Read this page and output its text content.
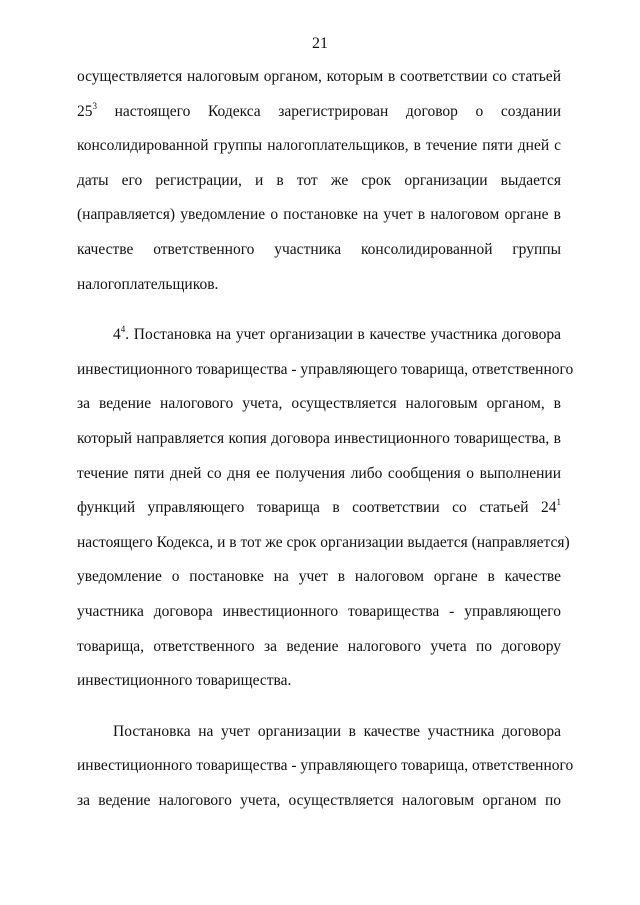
21
осуществляется налоговым органом, которым в соответствии со статьей
$25^3$ настоящего Кодекса зарегистрирован договор о создании
консолидированной группы налогоплательщиков, в течение пяти дней с
даты его регистрации, и в тот же срок организации выдается
(направляется) уведомление о постановке на учет в налоговом органе в
качестве ответственного участника консолидированной группы
налогоплательщиков.
$4^4$. Постановка на учет организации в качестве участника договора
инвестиционного товарищества - управляющего товарища, ответственного
за ведение налогового учета, осуществляется налоговым органом, в
который направляется копия договора инвестиционного товарищества, в
течение пяти дней со дня ее получения либо сообщения о выполнении
функций управляющего товарища в соответствии со статьей $24^1$
настоящего Кодекса, и в тот же срок организации выдается (направляется)
уведомление о постановке на учет в налоговом органе в качестве
участника договора инвестиционного товарищества - управляющего
товарища, ответственного за ведение налогового учета по договору
инвестиционного товарищества.
Постановка на учет организации в качестве участника договора
инвестиционного товарищества - управляющего товарища, ответственного
за ведение налогового учета, осуществляется налоговым органом по
